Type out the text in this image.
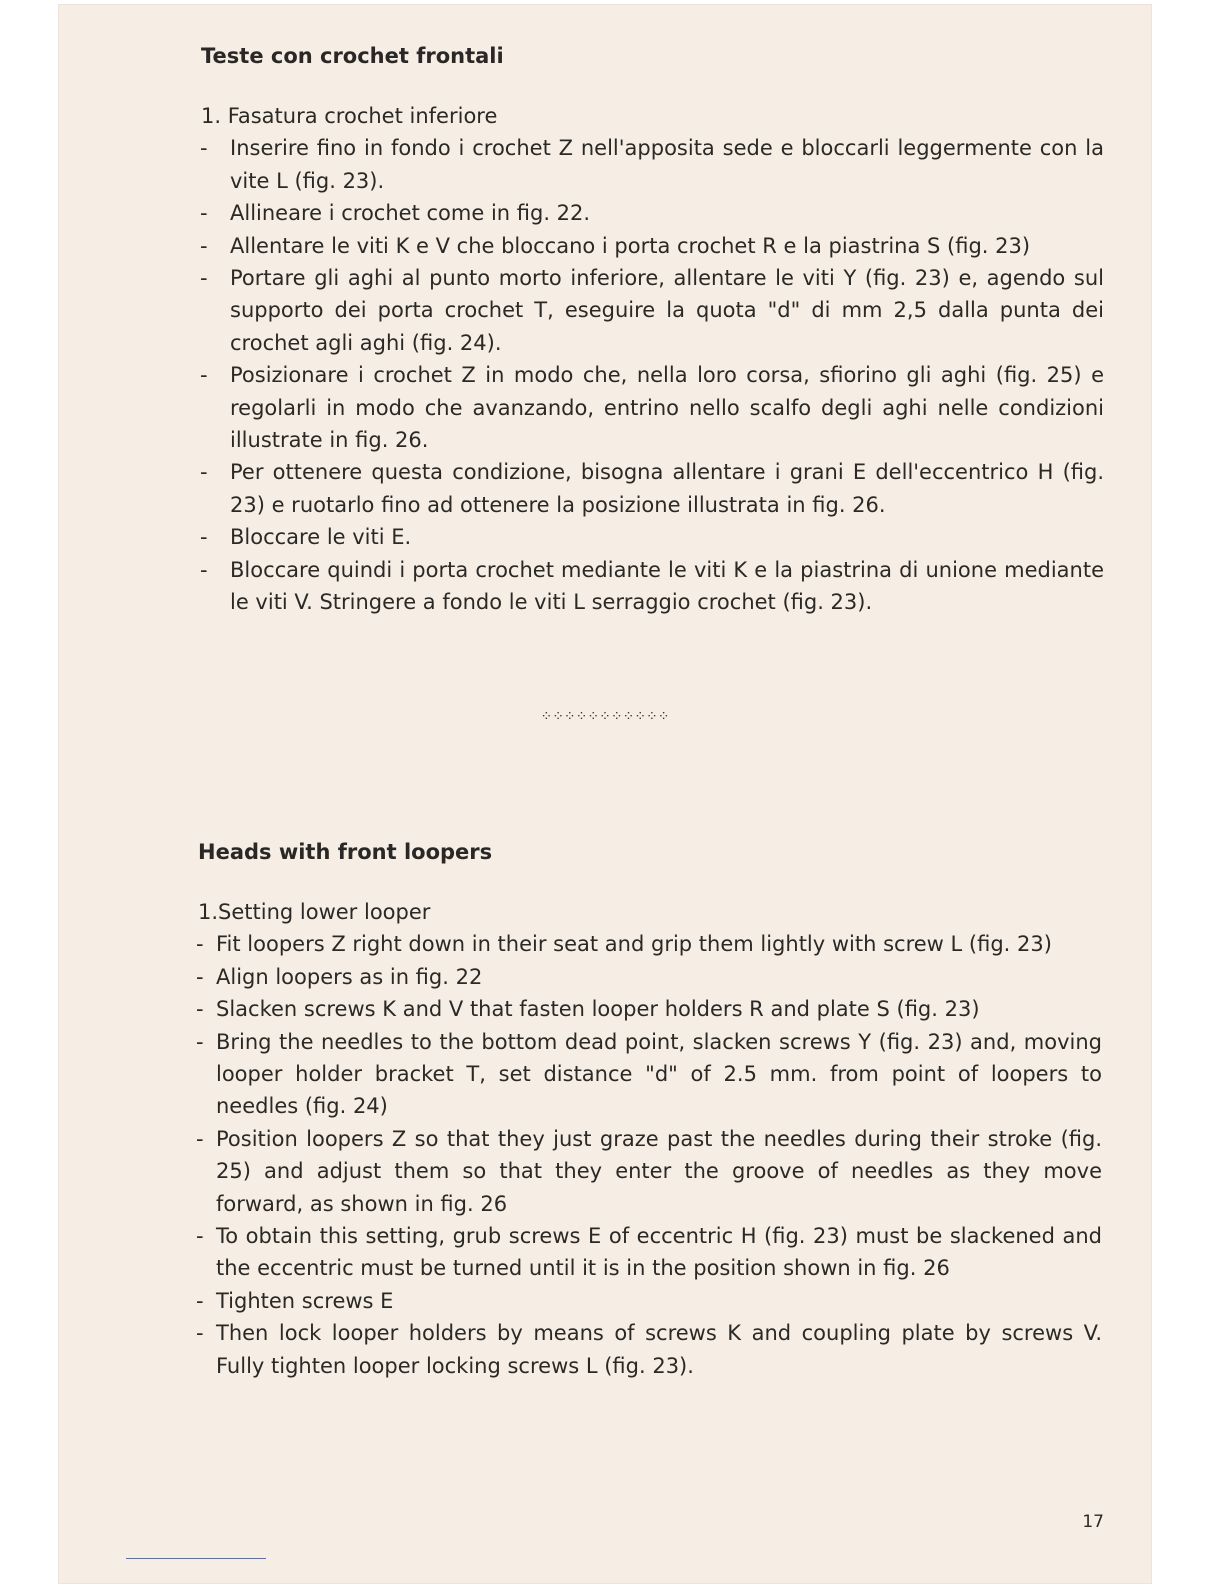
Teste con crochet frontali
1. Fasatura crochet inferiore
- Inserire fino in fondo i crochet Z nell'apposita sede e bloccarli leggermente con la vite L (fig. 23).
- Allineare i crochet come in fig. 22.
- Allentare le viti K e V che bloccano i porta crochet R e la piastrina S (fig. 23)
- Portare gli aghi al punto morto inferiore, allentare le viti Y (fig. 23) e, agendo sul supporto dei porta crochet T, eseguire la quota "d" di mm 2,5 dalla punta dei crochet agli aghi (fig. 24).
- Posizionare i crochet Z in modo che, nella loro corsa, sfiorino gli aghi (fig. 25) e regolarli in modo che avanzando, entrino nello scalfo degli aghi nelle condizioni illustrate in fig. 26.
- Per ottenere questa condizione, bisogna allentare i grani E dell'eccentrico H (fig. 23) e ruotarlo fino ad ottenere la posizione illustrata in fig. 26.
- Bloccare le viti E.
- Bloccare quindi i porta crochet mediante le viti K e la piastrina di unione mediante le viti V. Stringere a fondo le viti L serraggio crochet (fig. 23).
⁘⁘⁘⁘⁘⁘⁘⁘⁘⁘⁘
Heads with front loopers
1.Setting lower looper
- Fit loopers Z right down in their seat and grip them lightly with screw L (fig. 23)
- Align loopers as in fig. 22
- Slacken screws K and V that fasten looper holders R and plate S (fig. 23)
- Bring the needles to the bottom dead point, slacken screws Y (fig. 23) and, moving looper holder bracket T, set distance "d" of 2.5 mm. from point of loopers to needles (fig. 24)
- Position loopers Z so that they just graze past the needles during their stroke (fig. 25) and adjust them so that they enter the groove of needles as they move forward, as shown in fig. 26
- To obtain this setting, grub screws E of eccentric H (fig. 23) must be slackened and the eccentric must be turned until it is in the position shown in fig. 26
- Tighten screws E
- Then lock looper holders by means of screws K and coupling plate by screws V. Fully tighten looper locking screws L (fig. 23).
17
